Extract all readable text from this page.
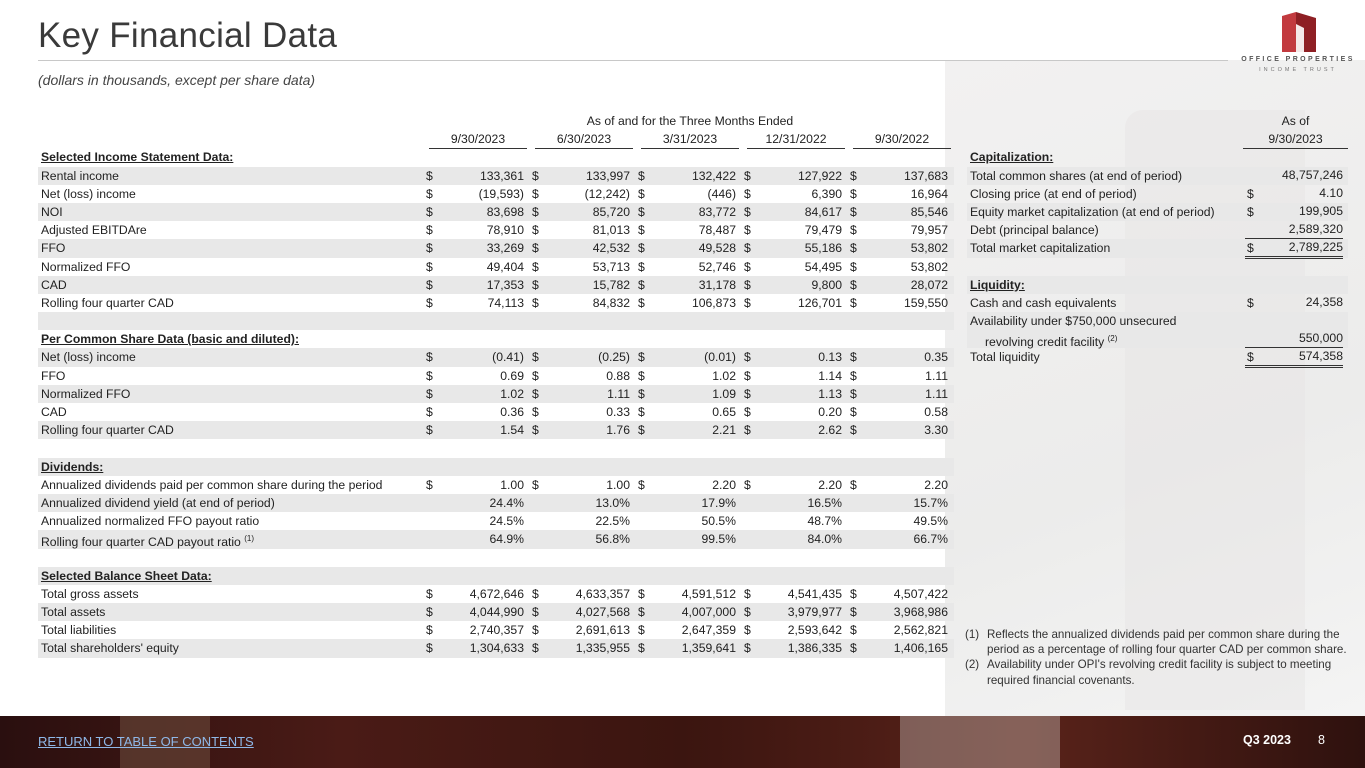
Key Financial Data
(dollars in thousands, except per share data)
OFFICE PROPERTIES
INCOME TRUST
As of and for the Three Months Ended
9/30/2023	6/30/2023	3/31/2023	12/31/2022	9/30/2022
Selected Income Statement Data:
Rental income	$	133,361 $	133,997 $	132,422 $	127,922 $	137,683
Net (loss) income	$	(19,593) $	(12,242) $	(446) $	6,390 $	16,964
NOI	$	83,698 $	85,720 $	83,772 $	84,617 $	85,546
Adjusted EBITDAre	$	78,910 $	81,013 $	78,487 $	79,479 $	79,957
FFO	$	33,269 $	42,532 $	49,528 $	55,186 $	53,802
Normalized FFO	$	49,404 $	53,713 $	52,746 $	54,495 $	53,802
CAD	$	17,353 $	15,782 $	31,178 $	9,800 $	28,072
Rolling four quarter CAD	$	74,113 $	84,832 $	106,873 $	126,701 $	159,550
Per Common Share Data (basic and diluted):
Net (loss) income	$	(0.41) $	(0.25) $	(0.01) $	0.13 $	0.35
FFO	$	0.69 $	0.88 $	1.02 $	1.14 $	1.11
Normalized FFO	$	1.02 $	1.11 $	1.09 $	1.13 $	1.11
CAD	$	0.36 $	0.33 $	0.65 $	0.20 $	0.58
Rolling four quarter CAD	$	1.54 $	1.76 $	2.21 $	2.62 $	3.30
Dividends:
Annualized dividends paid per common share during the period	$	1.00 $	1.00 $	2.20 $	2.20 $	2.20
Annualized dividend yield (at end of period)	24.4%	13.0%	17.9%	16.5%	15.7%
Annualized normalized FFO payout ratio	24.5%	22.5%	50.5%	48.7%	49.5%
Rolling four quarter CAD payout ratio $^{(1)}$	64.9%	56.8%	99.5%	84.0%	66.7%
Selected Balance Sheet Data:
Total gross assets	$	4,672,646 $	4,633,357 $	4,591,512 $	4,541,435 $	4,507,422
Total assets	$	4,044,990 $	4,027,568 $	4,007,000 $	3,979,977 $	3,968,986
Total liabilities	$	2,740,357 $	2,691,613 $	2,647,359 $	2,593,642 $	2,562,821
Total shareholders' equity	$	1,304,633 $	1,335,955 $	1,359,641 $	1,386,335 $	1,406,165
As of
9/30/2023
Capitalization:
Total common shares (at end of period)	48,757,246
Closing price (at end of period)	$	4.10
Equity market capitalization (at end of period)	$	199,905
Debt (principal balance)	2,589,320
Total market capitalization	$	2,789,225
Liquidity:
Cash and cash equivalents	$	24,358
Availability under $750,000 unsecured
revolving credit facility $^{(2)}$	550,000
Total liquidity	$	574,358
(1) Reflects the annualized dividends paid per common share during the period as a percentage of rolling four quarter CAD per common share.
(2) Availability under OPI's revolving credit facility is subject to meeting required financial covenants.
RETURN TO TABLE OF CONTENTS	Q3 2023 8
